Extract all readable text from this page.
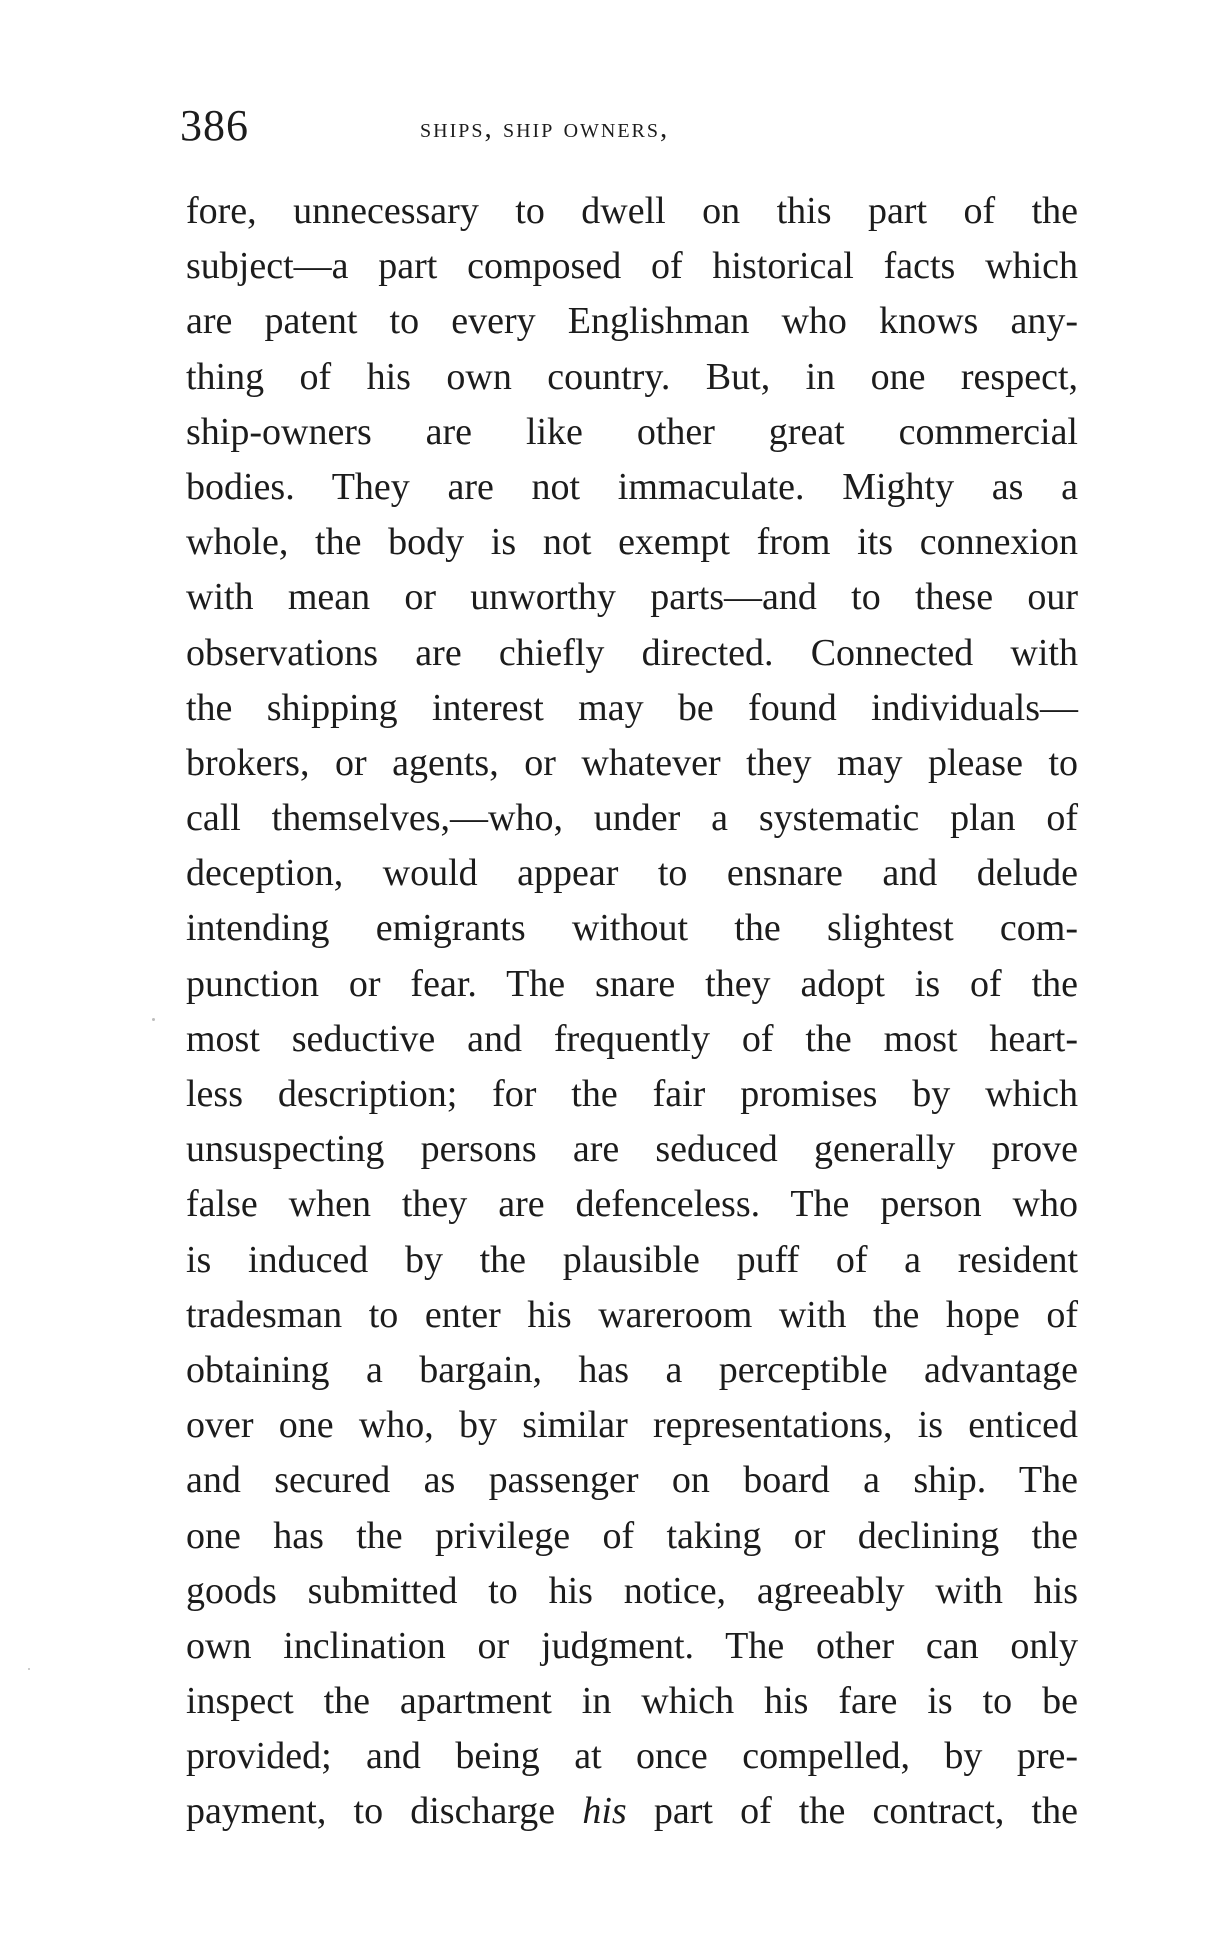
386	ships, ship owners,
fore, unnecessary to dwell on this part of the
subject—a part composed of historical facts which
are patent to every Englishman who knows any-
thing of his own country. But, in one respect,
ship-owners are like other great commercial
bodies. They are not immaculate. Mighty as a
whole, the body is not exempt from its connexion
with mean or unworthy parts—and to these our
observations are chiefly directed. Connected with
the shipping interest may be found individuals—
brokers, or agents, or whatever they may please to
call themselves,—who, under a systematic plan of
deception, would appear to ensnare and delude
intending emigrants without the slightest com-
punction or fear. The snare they adopt is of the
most seductive and frequently of the most heart-
less description; for the fair promises by which
unsuspecting persons are seduced generally prove
false when they are defenceless. The person who
is induced by the plausible puff of a resident
tradesman to enter his wareroom with the hope of
obtaining a bargain, has a perceptible advantage
over one who, by similar representations, is enticed
and secured as passenger on board a ship. The
one has the privilege of taking or declining the
goods submitted to his notice, agreeably with his
own inclination or judgment. The other can only
inspect the apartment in which his fare is to be
provided; and being at once compelled, by pre-
payment, to discharge his part of the contract, the
